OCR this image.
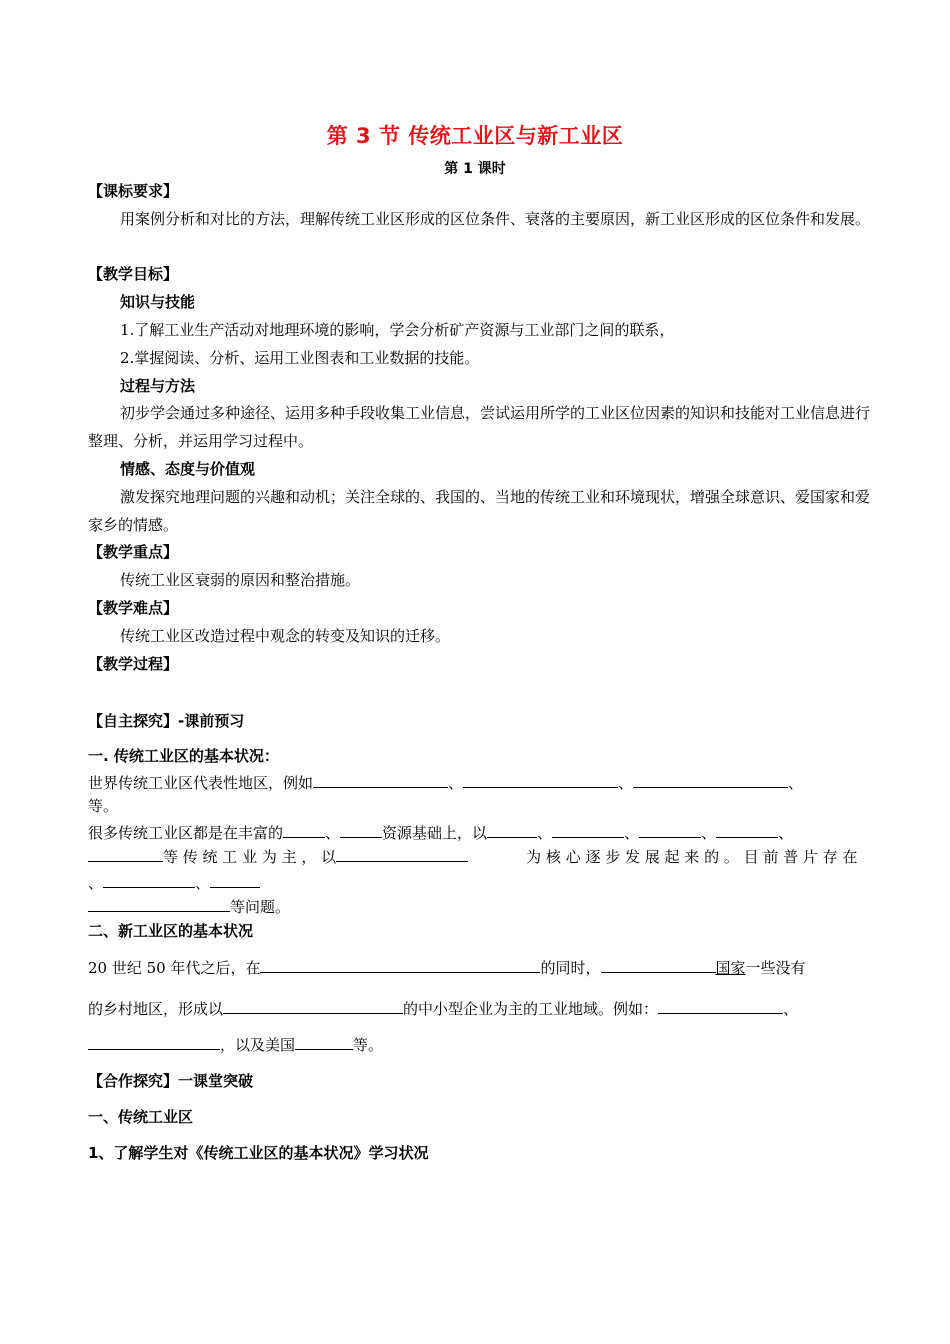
第 3 节 传统工业区与新工业区
第 1 课时
【课标要求】
用案例分析和对比的方法，理解传统工业区形成的区位条件、衰落的主要原因，新工业区形成的区位条件和发展。
【教学目标】
知识与技能
1.了解工业生产活动对地理环境的影响，学会分析矿产资源与工业部门之间的联系，
2.掌握阅读、分析、运用工业图表和工业数据的技能。
过程与方法
初步学会通过多种途径、运用多种手段收集工业信息，尝试运用所学的工业区位因素的知识和技能对工业信息进行整理、分析，并运用学习过程中。
情感、态度与价值观
激发探究地理问题的兴趣和动机；关注全球的、我国的、当地的传统工业和环境现状，增强全球意识、爱国家和爱家乡的情感。
【教学重点】
传统工业区衰弱的原因和整治措施。
【教学难点】
传统工业区改造过程中观念的转变及知识的迁移。
【教学过程】
【自主探究】-课前预习
一. 传统工业区的基本状况：
世界传统工业区代表性地区，例如	、	、	、
等。
很多传统工业区都是在丰富的	、	资源基础上，以	、	、	、	、
等 传 统 工 业 为 主 ， 以	为 核 心 逐 步 发 展 起 来 的 。 目 前 普 片 存 在
、	、
等问题。
二、新工业区的基本状况
20 世纪 50 年代之后，在	的同时，	国家一些没有
的乡村地区，形成以	的中小型企业为主的工业地域。例如：	、
，以及美国	等。
【合作探究】一课堂突破
一、传统工业区
1、了解学生对《传统工业区的基本状况》学习状况
